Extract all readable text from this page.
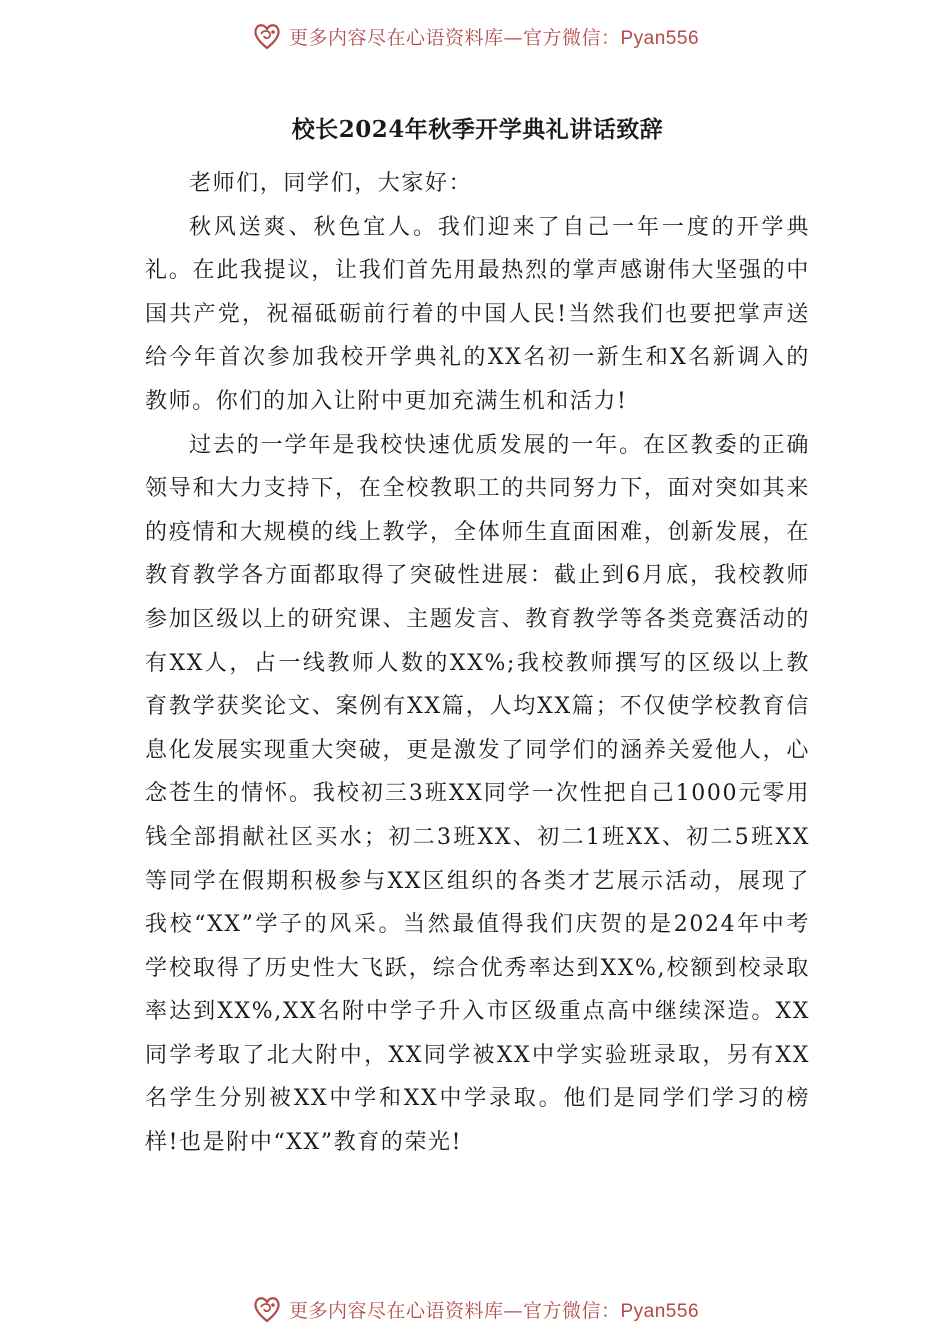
更多内容尽在心语资料库—官方微信：Pyan556
校长2024年秋季开学典礼讲话致辞

老师们，同学们，大家好：

秋风送爽、秋色宜人。我们迎来了自己一年一度的开学典礼。在此我提议，让我们首先用最热烈的掌声感谢伟大坚强的中国共产党，祝福砥砺前行着的中国人民!当然我们也要把掌声送给今年首次参加我校开学典礼的XX名初一新生和X名新调入的教师。你们的加入让附中更加充满生机和活力!

过去的一学年是我校快速优质发展的一年。在区教委的正确领导和大力支持下，在全校教职工的共同努力下，面对突如其来的疫情和大规模的线上教学，全体师生直面困难，创新发展，在教育教学各方面都取得了突破性进展：截止到6月底，我校教师参加区级以上的研究课、主题发言、教育教学等各类竞赛活动的有XX人，占一线教师人数的XX%;我校教师撰写的区级以上教育教学获奖论文、案例有XX篇，人均XX篇；不仅使学校教育信息化发展实现重大突破，更是激发了同学们的涵养关爱他人，心念苍生的情怀。我校初三3班XX同学一次性把自己1000元零用钱全部捐献社区买水；初二3班XX、初二1班XX、初二5班XX等同学在假期积极参与XX区组织的各类才艺展示活动，展现了我校“XX”学子的风采。当然最值得我们庆贺的是2024年中考学校取得了历史性大飞跃，综合优秀率达到XX%,校额到校录取率达到XX%,XX名附中学子升入市区级重点高中继续深造。XX同学考取了北大附中，XX同学被XX中学实验班录取，另有XX名学生分别被XX中学和XX中学录取。他们是同学们学习的榜样!也是附中“XX”教育的荣光!

更多内容尽在心语资料库—官方微信：Pyan556
